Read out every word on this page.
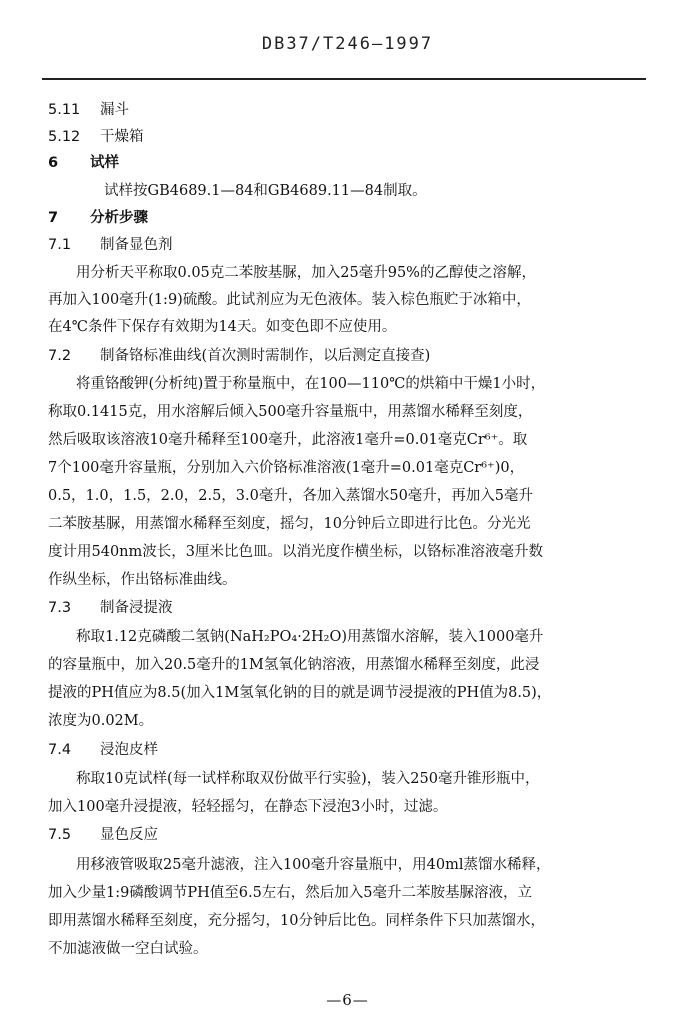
DB37/T246—1997
5.11 漏斗
5.12 干燥箱
6 试样
试样按GB4689.1—84和GB4689.11—84制取。
7 分析步骤
7.1 制备显色剂
用分析天平称取0.05克二苯胺基脲，加入25毫升95%的乙醇使之溶解，
再加入100毫升(1:9)硫酸。此试剂应为无色液体。装入棕色瓶贮于冰箱中，
在4℃条件下保存有效期为14天。如变色即不应使用。
7.2 制备铬标准曲线(首次测时需制作，以后测定直接查)
将重铬酸钾(分析纯)置于称量瓶中，在100—110℃的烘箱中干燥1小时，
称取0.1415克，用水溶解后倾入500毫升容量瓶中，用蒸馏水稀释至刻度，
然后吸取该溶液10毫升稀释至100毫升，此溶液1毫升=0.01毫克Cr⁶⁺。取
7个100毫升容量瓶，分别加入六价铬标准溶液(1毫升=0.01毫克Cr⁶⁺)0，
0.5，1.0，1.5，2.0，2.5，3.0毫升，各加入蒸馏水50毫升，再加入5毫升
二苯胺基脲，用蒸馏水稀释至刻度，摇匀，10分钟后立即进行比色。分光光
度计用540nm波长，3厘米比色皿。以消光度作横坐标，以铬标准溶液毫升数
作纵坐标，作出铬标准曲线。
7.3 制备浸提液
称取1.12克磷酸二氢钠(NaH₂PO₄·2H₂O)用蒸馏水溶解，装入1000毫升
的容量瓶中，加入20.5毫升的1M氢氧化钠溶液，用蒸馏水稀释至刻度，此浸
提液的PH值应为8.5(加入1M氢氧化钠的目的就是调节浸提液的PH值为8.5)，
浓度为0.02M。
7.4 浸泡皮样
称取10克试样(每一试样称取双份做平行实验)，装入250毫升锥形瓶中，
加入100毫升浸提液，轻轻摇匀，在静态下浸泡3小时，过滤。
7.5 显色反应
用移液管吸取25毫升滤液，注入100毫升容量瓶中，用40ml蒸馏水稀释，
加入少量1:9磷酸调节PH值至6.5左右，然后加入5毫升二苯胺基脲溶液，立
即用蒸馏水稀释至刻度，充分摇匀，10分钟后比色。同样条件下只加蒸馏水，
不加滤液做一空白试验。
—6—
